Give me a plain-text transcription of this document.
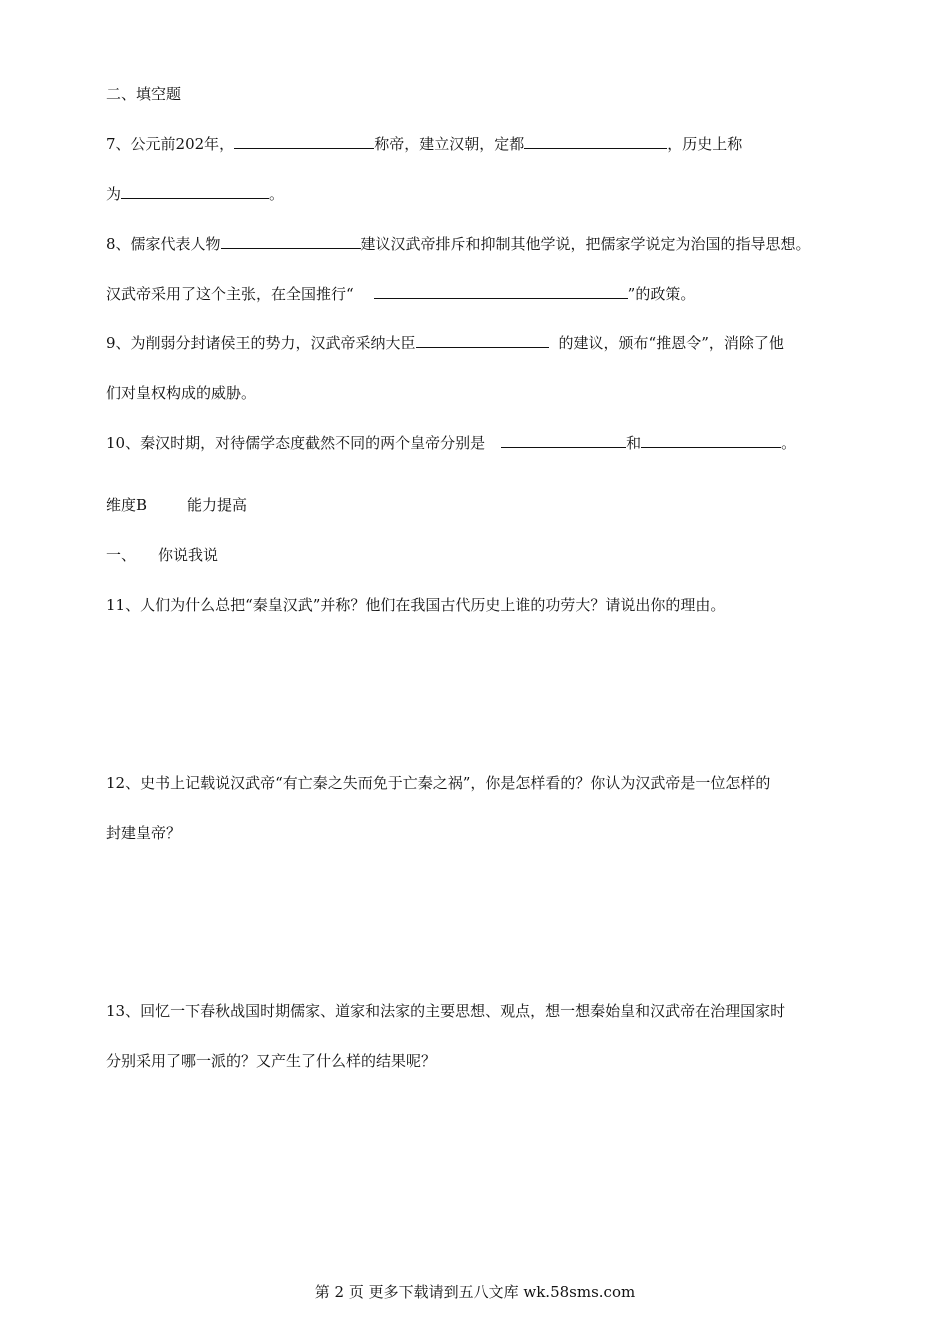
二、填空题
7、公元前202年，	称帝，建立汉朝，定都	，历史上称
为	。
8、儒家代表人物	建议汉武帝排斥和抑制其他学说，把儒家学说定为治国的指导思想。
汉武帝采用了这个主张，在全国推行“	”的政策。
9、为削弱分封诸侯王的势力，汉武帝采纳大臣	的建议，颁布“推恩令”，消除了他
们对皇权构成的威胁。
10、秦汉时期，对待儒学态度截然不同的两个皇帝分别是	和	。
维度B	能力提高
一、 你说我说
11、人们为什么总把“秦皇汉武”并称？他们在我国古代历史上谁的功劳大？请说出你的理由。
12、史书上记载说汉武帝“有亡秦之失而免于亡秦之祸”，你是怎样看的？你认为汉武帝是一位怎样的
封建皇帝？
13、回忆一下春秋战国时期儒家、道家和法家的主要思想、观点，想一想秦始皇和汉武帝在治理国家时
分别采用了哪一派的？又产生了什么样的结果呢？
第 2 页 更多下载请到五八文库 wk.58sms.com
